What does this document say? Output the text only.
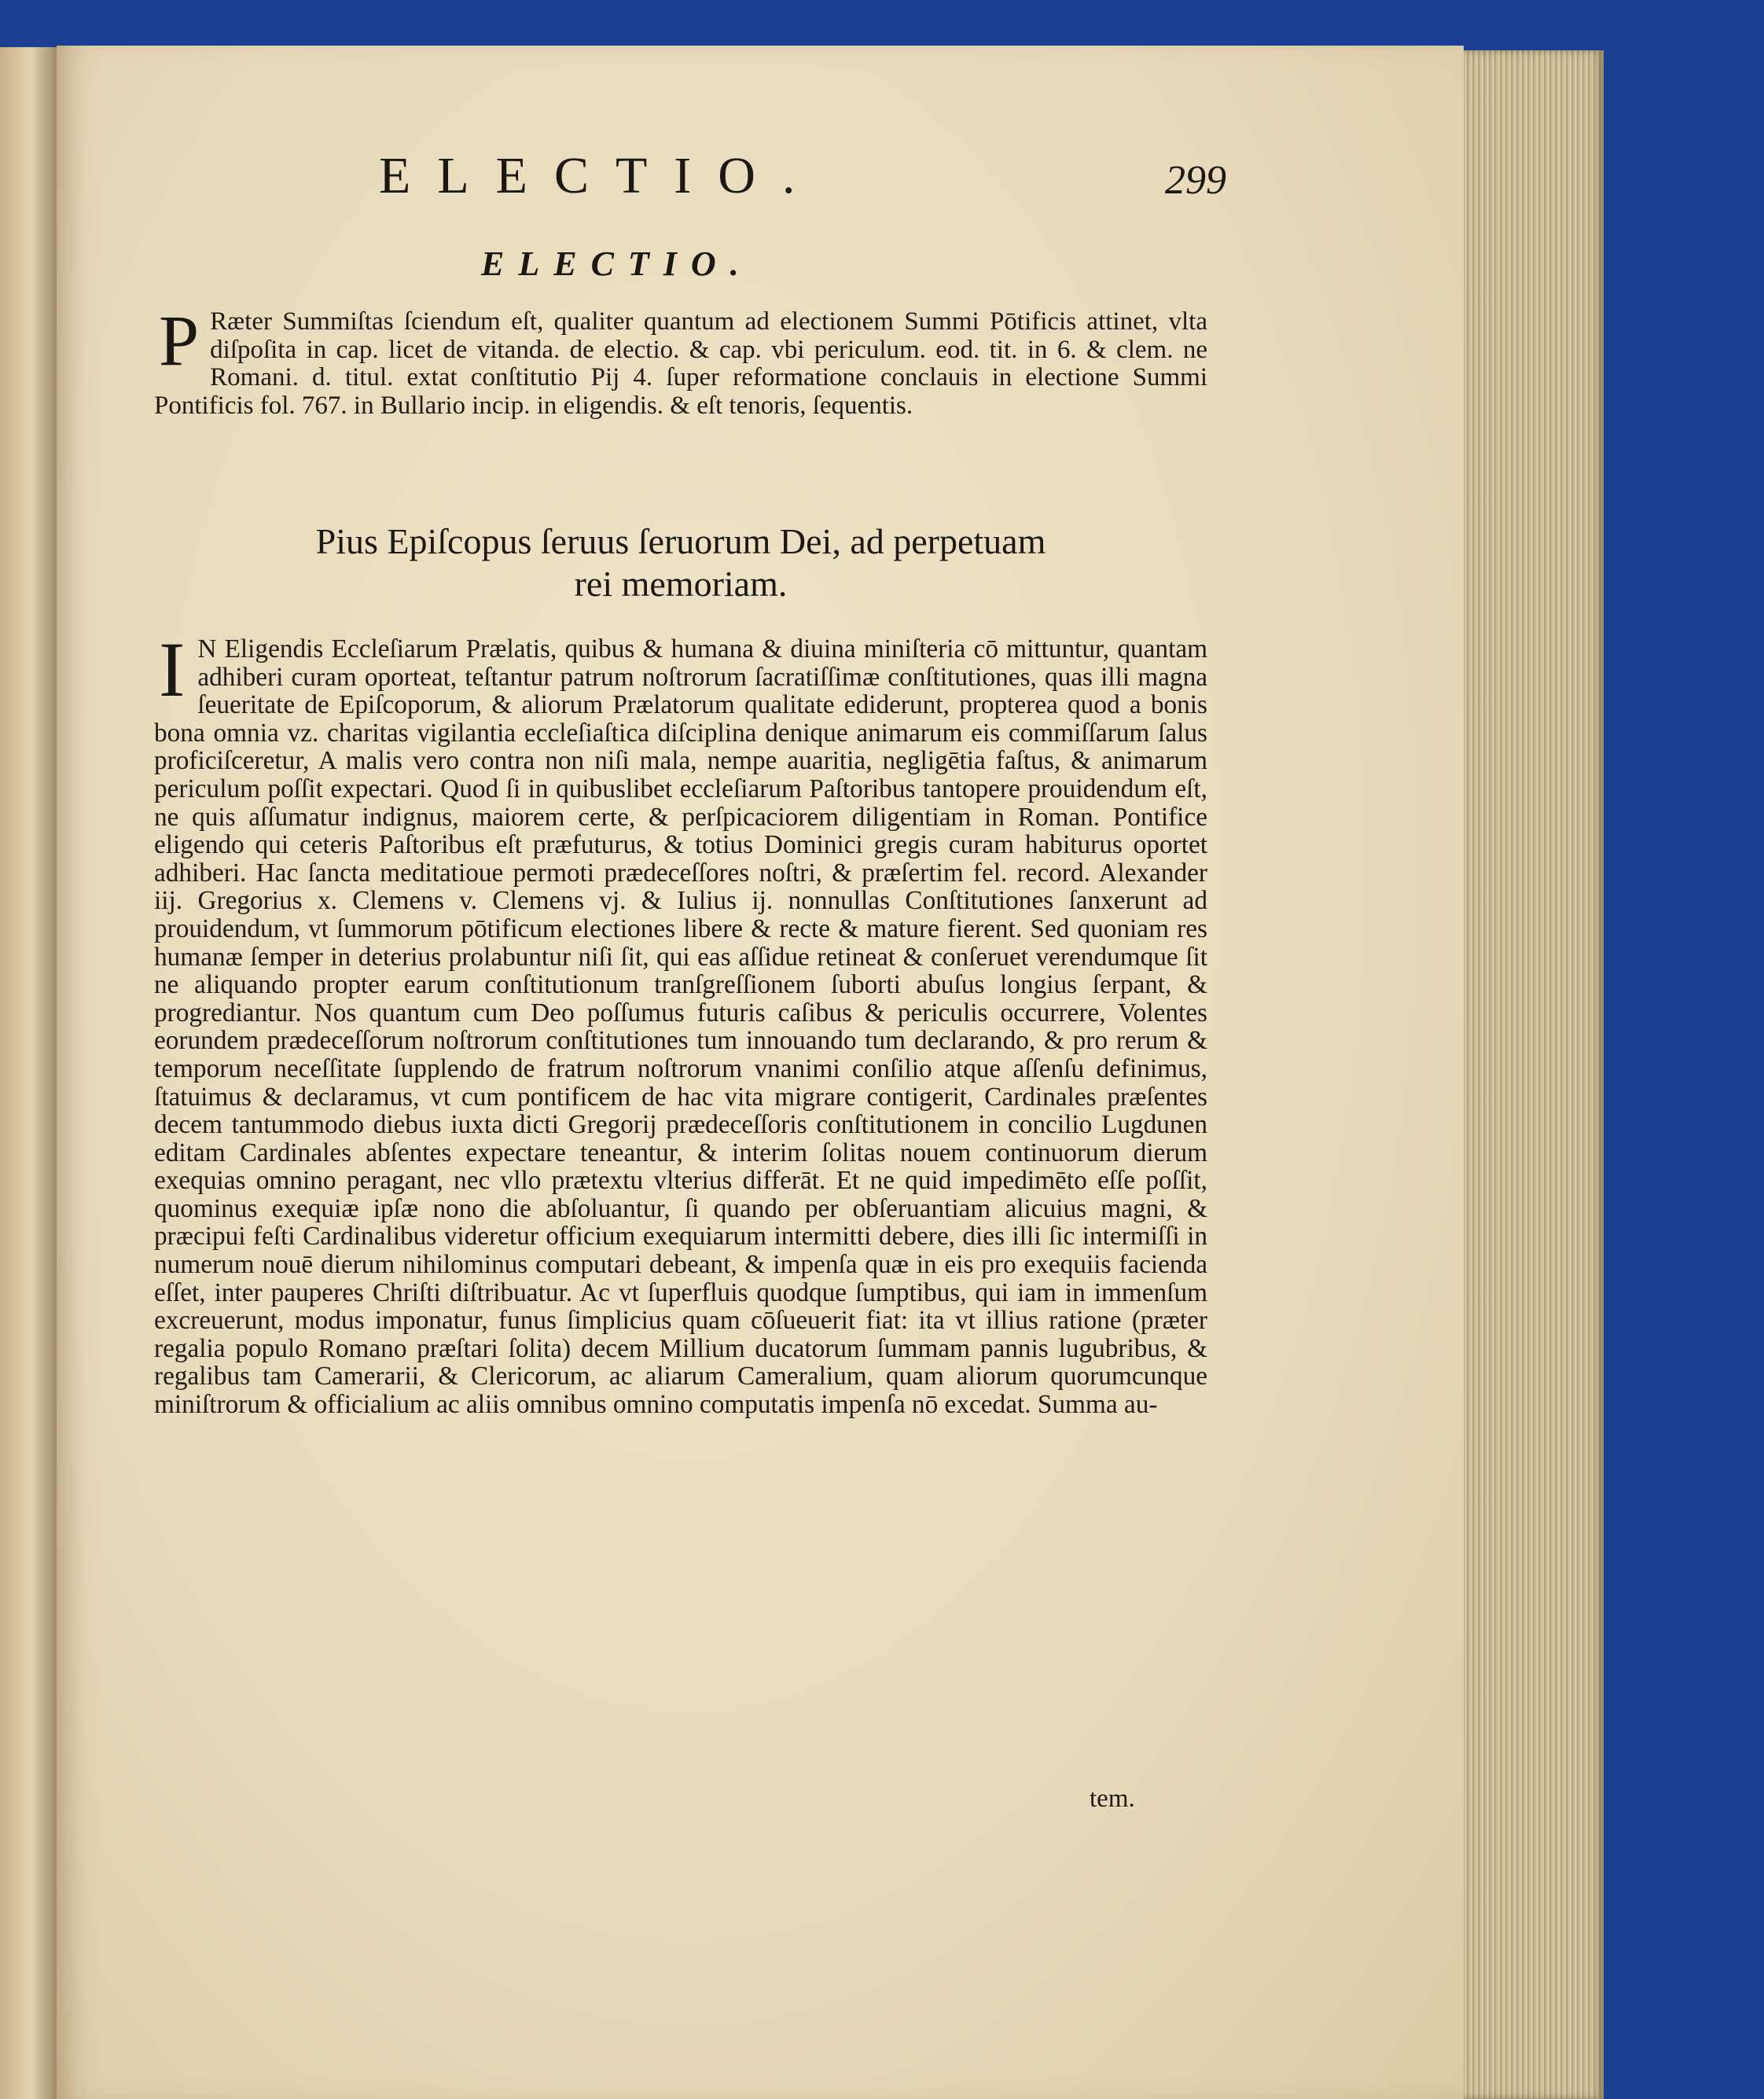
ELECTIO.	299
ELECTIO.
P Ræter Summiſtas ſciendum eſt, qualiter quantum ad electionem Summi Pōtificis attinet, vlta diſpoſita in cap. licet de vitanda. de electio. & cap. vbi periculum. eod. tit. in 6. & clem. ne Romani. d. titul. extat conſtitutio Pij 4. ſuper reformatione conclauis in electione Summi Pontificis fol. 767. in Bullario incip. in eligendis. & eſt tenoris, ſequentis.
Pius Epiſcopus ſeruus ſeruorum Dei, ad perpetuam
rei memoriam.
I N Eligendis Eccleſiarum Prælatis, quibus & humana & diuina miniſteria cō mittuntur, quantam adhiberi curam oporteat, teſtantur patrum noſtrorum ſacratiſſimæ conſtitutiones, quas illi magna ſeueritate de Epiſcoporum, & aliorum Prælatorum qualitate ediderunt, propterea quod a bonis bona omnia vz. charitas vigilantia eccleſiaſtica diſciplina denique animarum eis commiſſarum ſalus proficiſceretur, A malis vero contra non niſi mala, nempe auaritia, negligētia faſtus, & animarum periculum poſſit expectari. Quod ſi in quibuslibet eccleſiarum Paſtoribus tantopere prouidendum eſt, ne quis aſſumatur indignus, maiorem certe, & perſpicaciorem diligentiam in Roman. Pontifice eligendo qui ceteris Paſtoribus eſt præfuturus, & totius Dominici gregis curam habiturus oportet adhiberi. Hac ſancta meditatioue permoti prædeceſſores noſtri, & præſertim fel. record. Alexander iij. Gregorius x. Clemens v. Clemens vj. & Iulius ij. nonnullas Conſtitutiones ſanxerunt ad prouidendum, vt ſummorum pōtificum electiones libere & recte & mature fierent. Sed quoniam res humanæ ſemper in deterius prolabuntur niſi ſit, qui eas aſſidue retineat & conſeruet verendumque ſit ne aliquando propter earum conſtitutionum tranſgreſſionem ſuborti abuſus longius ſerpant, & progrediantur. Nos quantum cum Deo poſſumus futuris caſibus & periculis occurrere, Volentes eorundem prædeceſſorum noſtrorum conſtitutiones tum innouando tum declarando, & pro rerum & temporum neceſſitate ſupplendo de fratrum noſtrorum vnanimi conſilio atque aſſenſu definimus, ſtatuimus & declaramus, vt cum pontificem de hac vita migrare contigerit, Cardinales præſentes decem tantummodo diebus iuxta dicti Gregorij prædeceſſoris conſtitutionem in concilio Lugdunen editam Cardinales abſentes expectare teneantur, & interim ſolitas nouem continuorum dierum exequias omnino peragant, nec vllo prætextu vlterius differāt. Et ne quid impedimēto eſſe poſſit, quominus exequiæ ipſæ nono die abſoluantur, ſi quando per obſeruantiam alicuius magni, & præcipui feſti Cardinalibus videretur officium exequiarum intermitti debere, dies illi ſic intermiſſi in numerum nouē dierum nihilominus computari debeant, & impenſa quæ in eis pro exequiis facienda eſſet, inter pauperes Chriſti diſtribuatur. Ac vt ſuperfluis quodque ſumptibus, qui iam in immenſum excreuerunt, modus imponatur, funus ſimplicius quam cōſueuerit fiat: ita vt illius ratione (præter regalia populo Romano præſtari ſolita) decem Millium ducatorum ſummam pannis lugubribus, & regalibus tam Camerarii, & Clericorum, ac aliarum Cameralium, quam aliorum quorumcunque miniſtrorum & officialium ac aliis omnibus omnino computatis impenſa nō excedat. Summa au-
tem.
